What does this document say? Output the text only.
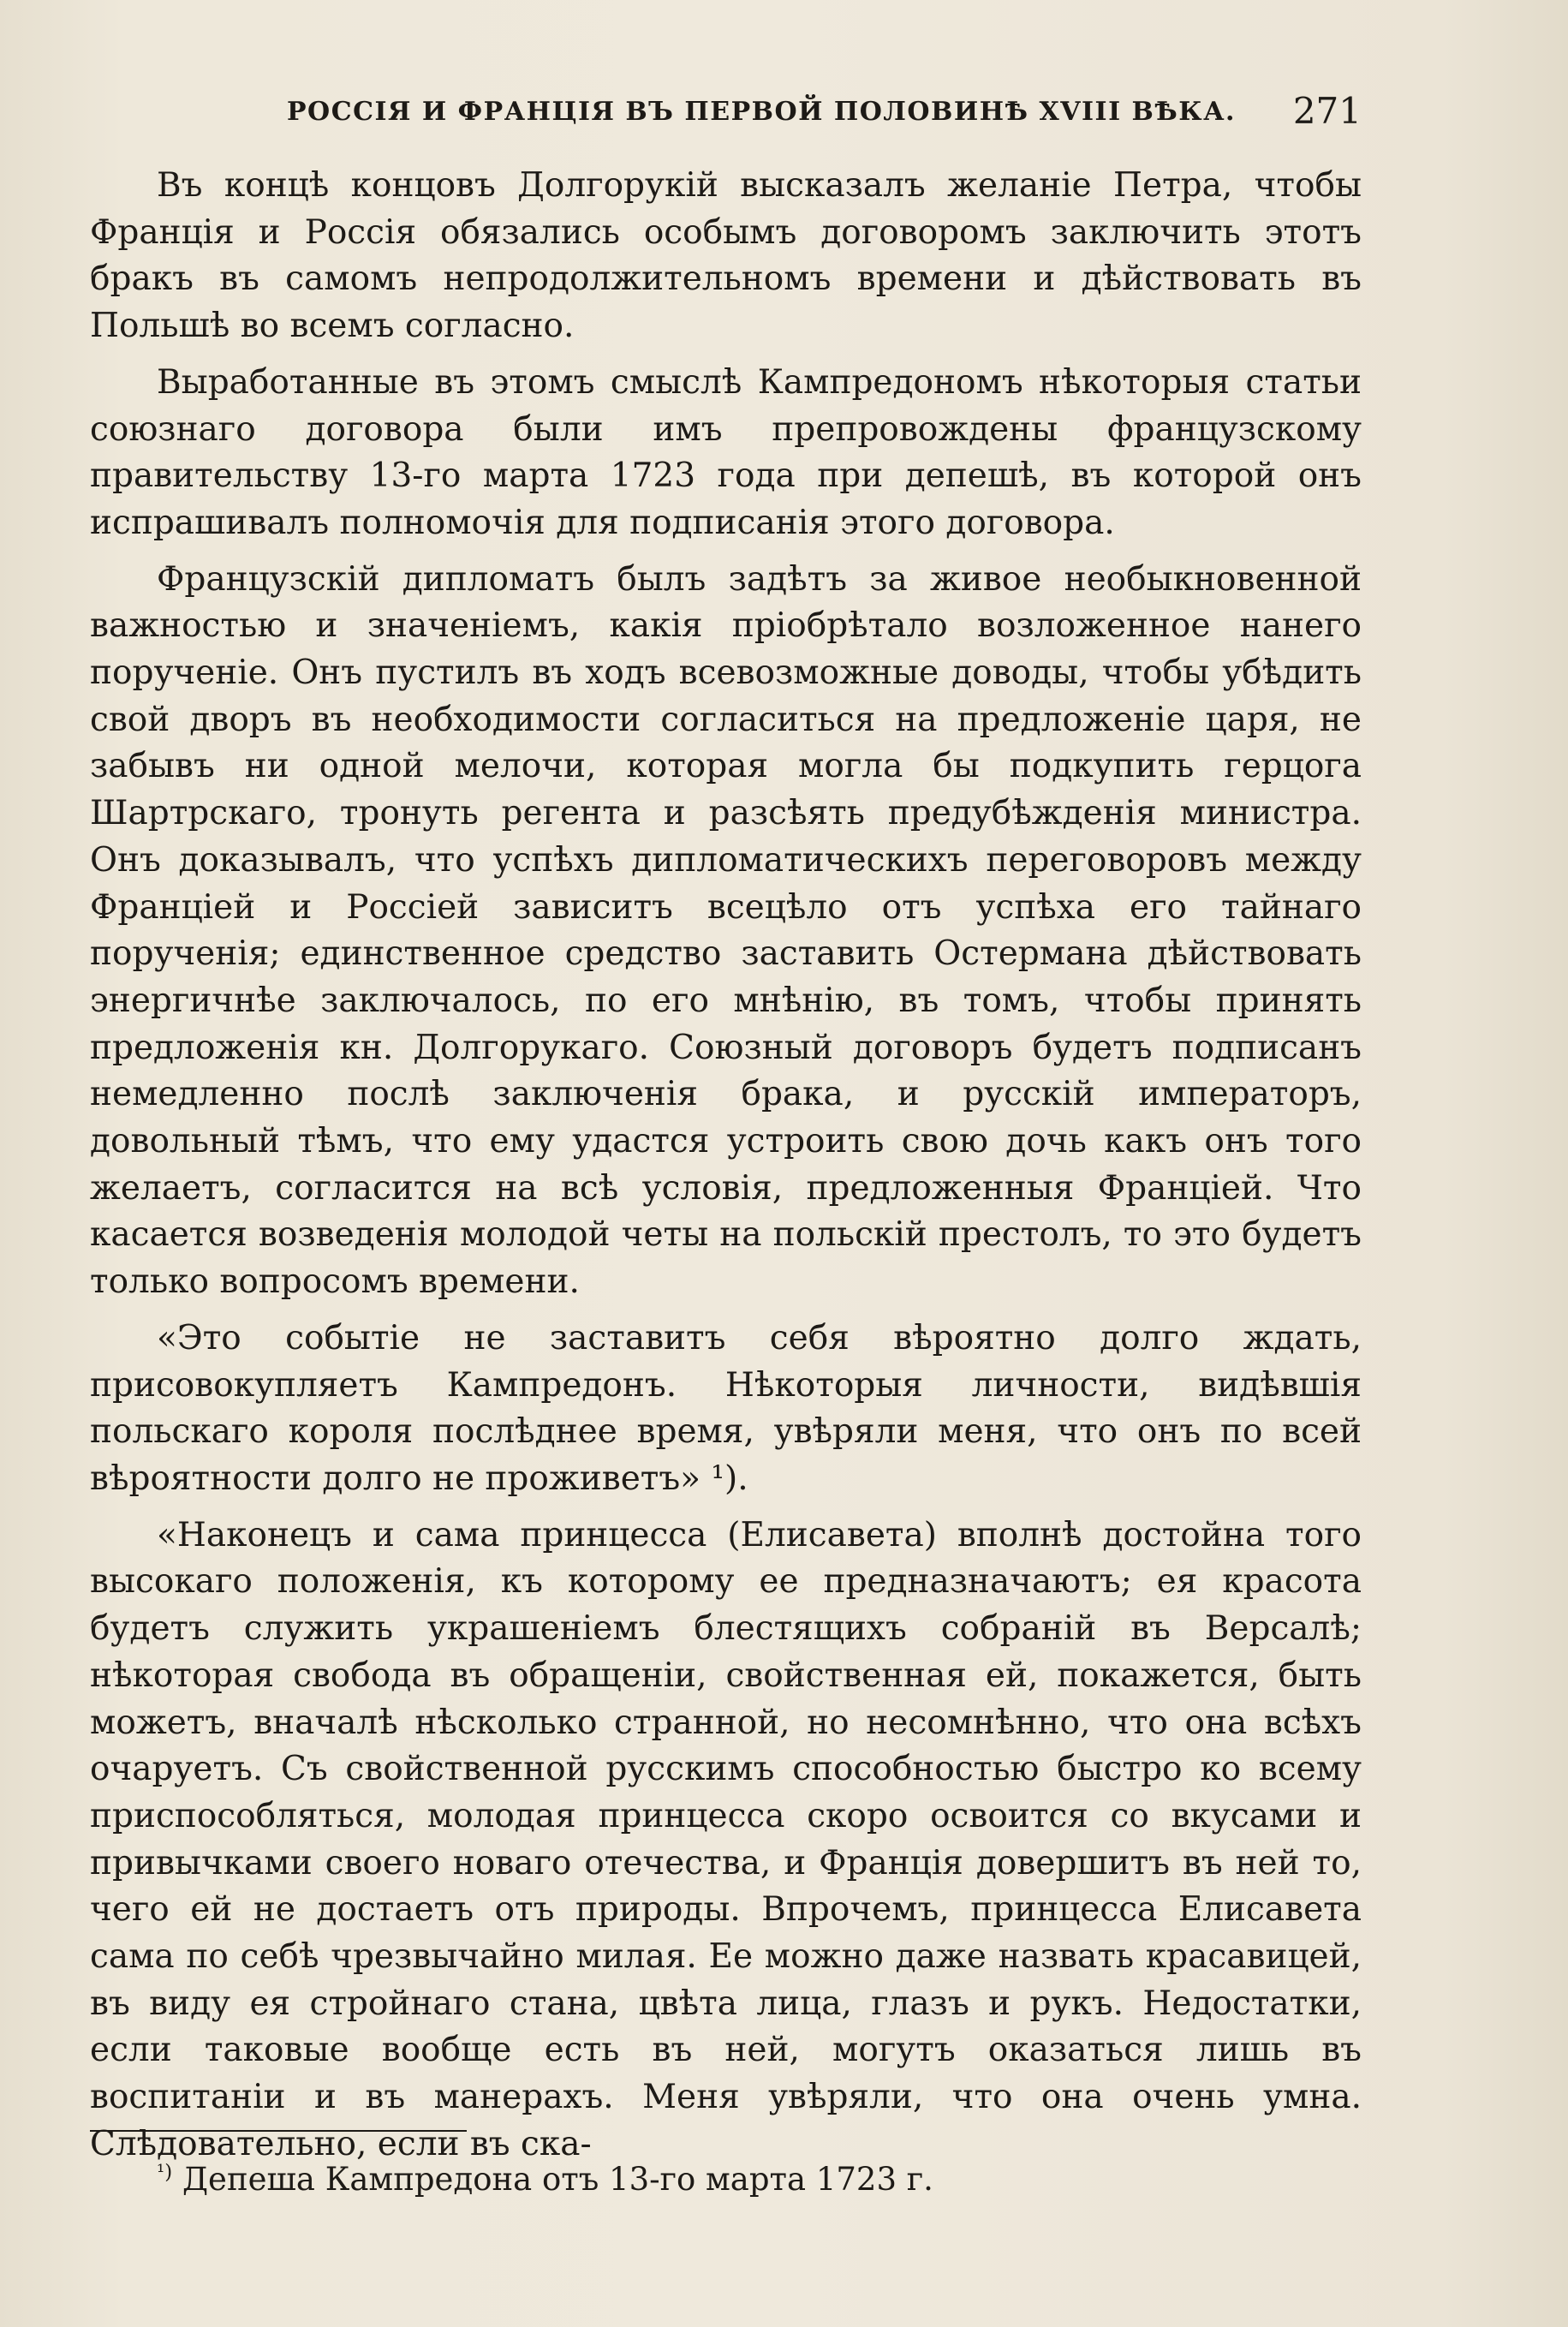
РОССІЯ И ФРАНЦІЯ ВЪ ПЕРВОЙ ПОЛОВИНѢ XVIII ВѢКА. 271

Въ концѣ концовъ Долгорукій высказалъ желаніе Петра, чтобы Франція и Россія обязались особымъ договоромъ заключить этотъ бракъ въ самомъ непродолжительномъ времени и дѣйствовать въ Польшѣ во всемъ согласно.

Выработанные въ этомъ смыслѣ Кампредономъ нѣкоторыя статьи союзнаго договора были имъ препровождены французскому правительству 13-го марта 1723 года при депешѣ, въ которой онъ испрашивалъ полномочія для подписанія этого договора.

Французскій дипломатъ былъ задѣтъ за живое необыкновенной важностью и значеніемъ, какія пріобрѣтало возложенное нанего порученіе. Онъ пустилъ въ ходъ всевозможные доводы, чтобы убѣдить свой дворъ въ необходимости согласиться на предложеніе царя, не забывъ ни одной мелочи, которая могла бы подкупить герцога Шартрскаго, тронуть регента и разсѣять предубѣжденія министра. Онъ доказывалъ, что успѣхъ дипломатическихъ переговоровъ между Франціей и Россіей зависитъ всецѣло отъ успѣха его тайнаго порученія; единственное средство заставить Остермана дѣйствовать энергичнѣе заключалось, по его мнѣнію, въ томъ, чтобы принять предложенія кн. Долгорукаго. Союзный договоръ будетъ подписанъ немедленно послѣ заключенія брака, и русскій императоръ, довольный тѣмъ, что ему удастся устроить свою дочь какъ онъ того желаетъ, согласится на всѣ условія, предложенныя Франціей. Что касается возведенія молодой четы на польскій престолъ, то это будетъ только вопросомъ времени.

«Это событіе не заставитъ себя вѣроятно долго ждать, присовокупляетъ Кампредонъ. Нѣкоторыя личности, видѣвшія польскаго короля послѣднее время, увѣряли меня, что онъ по всей вѣроятности долго не проживетъ» ¹).

«Наконецъ и сама принцесса (Елисавета) вполнѣ достойна того высокаго положенія, къ которому ее предназначаютъ; ея красота будетъ служить украшеніемъ блестящихъ собраній въ Версалѣ; нѣкоторая свобода въ обращеніи, свойственная ей, покажется, быть можетъ, вначалѣ нѣсколько странной, но несомнѣнно, что она всѣхъ очаруетъ. Съ свойственной русскимъ способностью быстро ко всему приспособляться, молодая принцесса скоро освоится со вкусами и привычками своего новаго отечества, и Франція довершитъ въ ней то, чего ей не достаетъ отъ природы. Впрочемъ, принцесса Елисавета сама по себѣ чрезвычайно милая. Ее можно даже назвать красавицей, въ виду ея стройнаго стана, цвѣта лица, глазъ и рукъ. Недостатки, если таковые вообще есть въ ней, могутъ оказаться лишь въ воспитаніи и въ манерахъ. Меня увѣряли, что она очень умна. Слѣдовательно, если въ ска-

$^{^1)}$ Депеша Кампредона отъ 13-го марта 1723 г.
